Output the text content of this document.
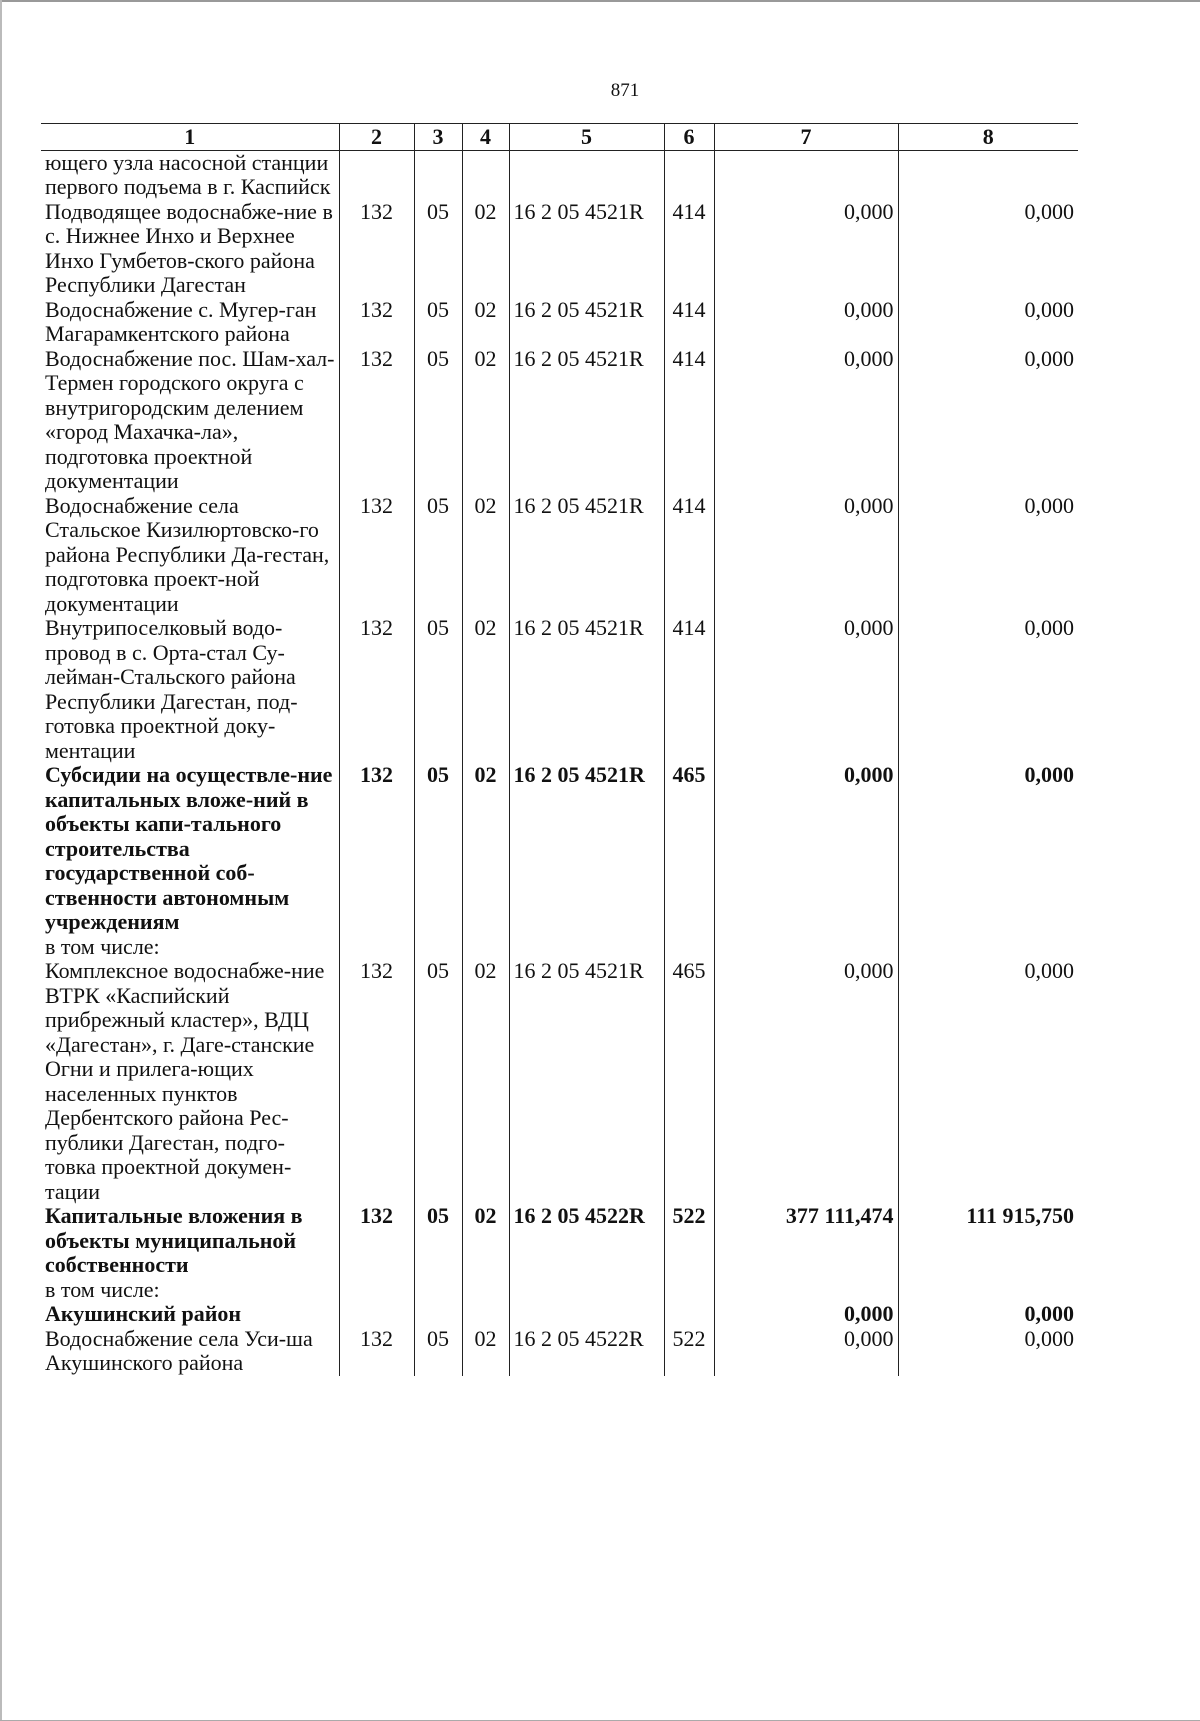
871
1	2	3	4	5	6	7	8
ющего узла насосной станции первого подъема в г. Каспийск							
Подводящее водоснабже-ние в с. Нижнее Инхо и Верхнее Инхо Гумбетов-ского района Республики Дагестан	132	05	02	16 2 05 4521R	414	0,000	0,000
Водоснабжение с. Мугер-ган Магарамкентского района	132	05	02	16 2 05 4521R	414	0,000	0,000
Водоснабжение пос. Шам-хал-Термен городского округа с внутригородским делением «город Махачка-ла», подготовка проектной документации	132	05	02	16 2 05 4521R	414	0,000	0,000
Водоснабжение села Стальское Кизилюртовско-го района Республики Да-гестан, подготовка проект-ной документации	132	05	02	16 2 05 4521R	414	0,000	0,000
Внутрипоселковый водо-провод в с. Орта-стал Су-лейман-Стальского района Республики Дагестан, под-готовка проектной доку-ментации	132	05	02	16 2 05 4521R	414	0,000	0,000
Субсидии на осуществле-ние капитальных вложе-ний в объекты капи-тального строительства государственной соб-ственности автономным учреждениям	132	05	02	16 2 05 4521R	465	0,000	0,000
в том числе:							
Комплексное водоснабже-ние ВТРК «Каспийский прибрежный кластер», ВДЦ «Дагестан», г. Даге-станские Огни и прилега-ющих населенных пунктов Дербентского района Рес-публики Дагестан, подго-товка проектной докумен-тации	132	05	02	16 2 05 4521R	465	0,000	0,000
Капитальные вложения в объекты муниципальной собственности	132	05	02	16 2 05 4522R	522	377 111,474	111 915,750
в том числе:							
Акушинский район						0,000	0,000
Водоснабжение села Уси-ша Акушинского района	132	05	02	16 2 05 4522R	522	0,000	0,000
